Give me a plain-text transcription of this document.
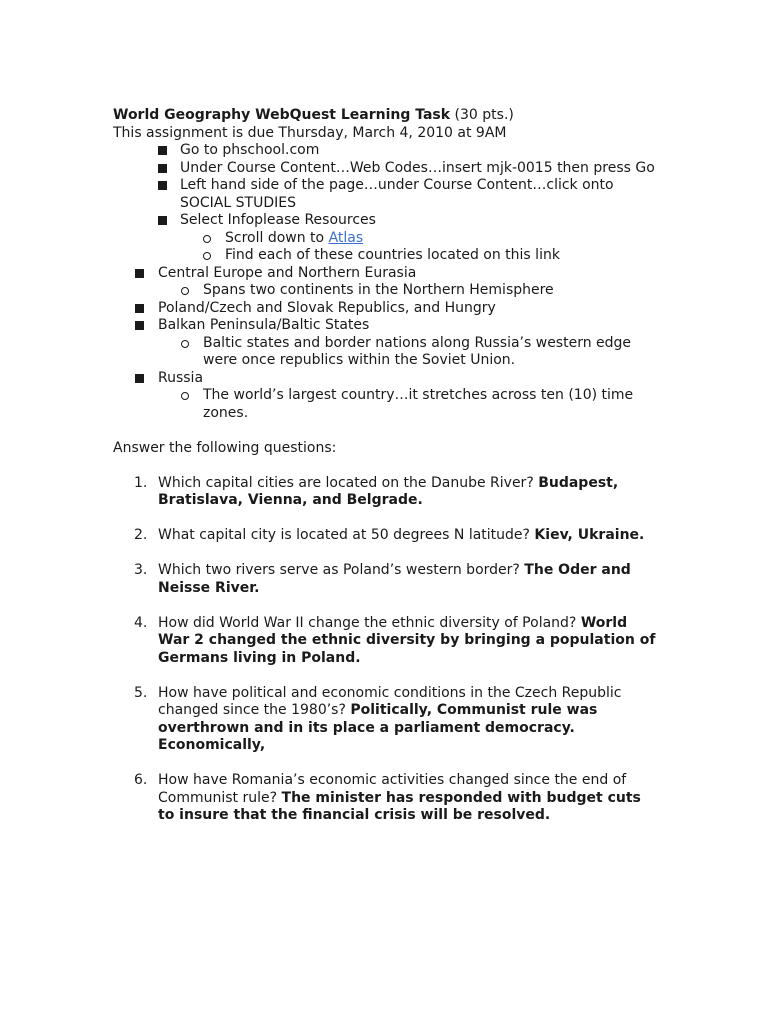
World Geography WebQuest Learning Task (30 pts.)

This assignment is due Thursday, March 4, 2010 at 9AM

Go to phschool.com
Under Course Content…Web Codes…insert mjk-0015 then press Go
Left hand side of the page…under Course Content…click onto SOCIAL STUDIES
Select Infoplease Resources
Scroll down to Atlas
Find each of these countries located on this link
Central Europe and Northern Eurasia
Spans two continents in the Northern Hemisphere
Poland/Czech and Slovak Republics, and Hungry
Balkan Peninsula/Baltic States
Baltic states and border nations along Russia’s western edge were once republics within the Soviet Union.
Russia
The world’s largest country…it stretches across ten (10) time zones.

Answer the following questions:

1. Which capital cities are located on the Danube River? Budapest, Bratislava, Vienna, and Belgrade.
2. What capital city is located at 50 degrees N latitude? Kiev, Ukraine.
3. Which two rivers serve as Poland’s western border? The Oder and Neisse River.
4. How did World War II change the ethnic diversity of Poland? World War 2 changed the ethnic diversity by bringing a population of Germans living in Poland.
5. How have political and economic conditions in the Czech Republic changed since the 1980’s? Politically, Communist rule was overthrown and in its place a parliament democracy. Economically,
6. How have Romania’s economic activities changed since the end of Communist rule? The minister has responded with budget cuts to insure that the financial crisis will be resolved.
